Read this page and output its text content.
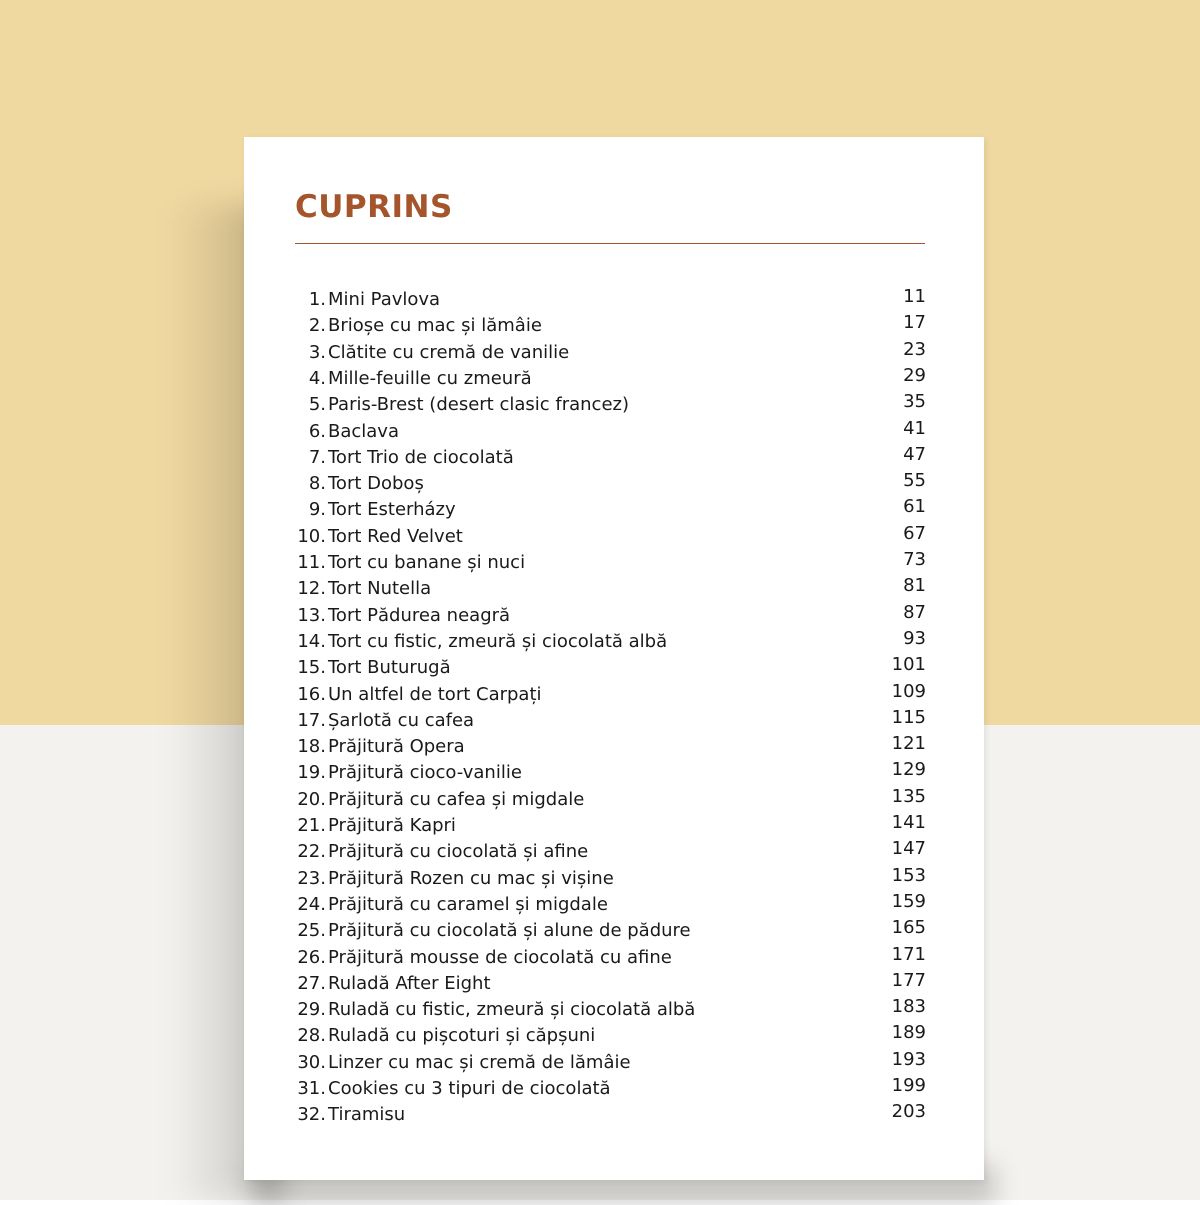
CUPRINS
1. Mini Pavlova	11
2. Brioșe cu mac și lămâie	17
3. Clătite cu cremă de vanilie	23
4. Mille-feuille cu zmeură	29
5. Paris-Brest (desert clasic francez)	35
6. Baclava	41
7. Tort Trio de ciocolată	47
8. Tort Doboș	55
9. Tort Esterházy	61
10. Tort Red Velvet	67
11. Tort cu banane și nuci	73
12. Tort Nutella	81
13. Tort Pădurea neagră	87
14. Tort cu fistic, zmeură și ciocolată albă	93
15. Tort Buturugă	101
16. Un altfel de tort Carpați	109
17. Șarlotă cu cafea	115
18. Prăjitură Opera	121
19. Prăjitură cioco-vanilie	129
20. Prăjitură cu cafea și migdale	135
21. Prăjitură Kapri	141
22. Prăjitură cu ciocolată și afine	147
23. Prăjitură Rozen cu mac și vișine	153
24. Prăjitură cu caramel și migdale	159
25. Prăjitură cu ciocolată și alune de pădure	165
26. Prăjitură mousse de ciocolată cu afine	171
27. Ruladă After Eight	177
29. Ruladă cu fistic, zmeură și ciocolată albă	183
28. Ruladă cu pișcoturi și căpșuni	189
30. Linzer cu mac și cremă de lămâie	193
31. Cookies cu 3 tipuri de ciocolată	199
32. Tiramisu	203
